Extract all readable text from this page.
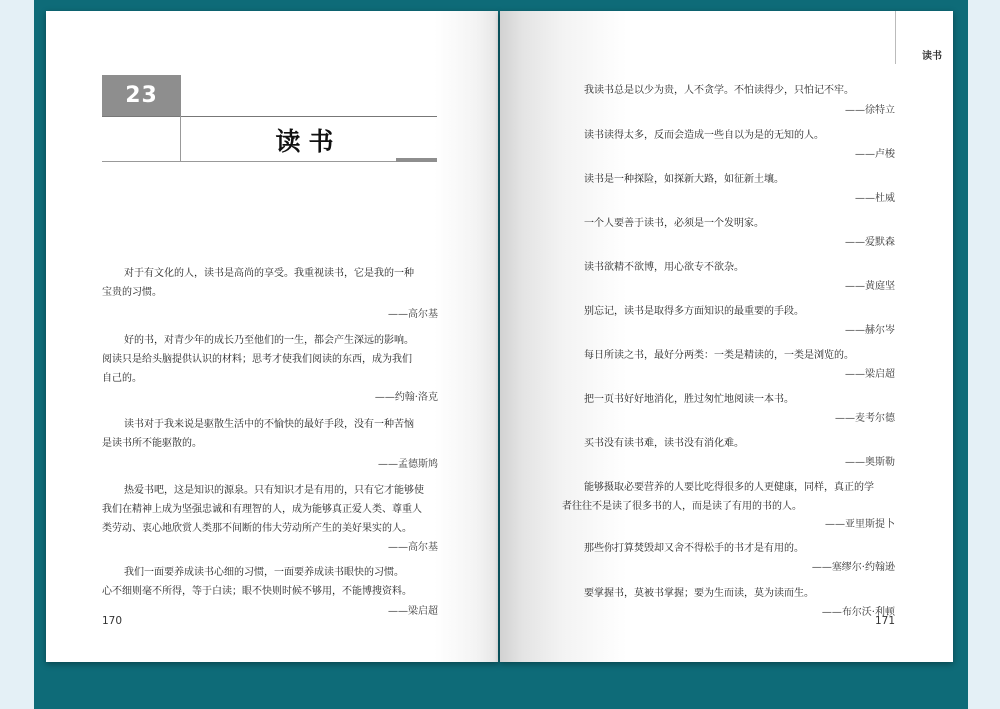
23
读书
对于有文化的人，读书是高尚的享受。我重视读书，它是我的一种
宝贵的习惯。
——高尔基
好的书，对青少年的成长乃至他们的一生，都会产生深远的影响。
阅读只是给头脑提供认识的材料；思考才使我们阅读的东西，成为我们
自己的。
——约翰·洛克
读书对于我来说是驱散生活中的不愉快的最好手段，没有一种苦恼
是读书所不能驱散的。
——孟德斯鸠
热爱书吧，这是知识的源泉。只有知识才是有用的，只有它才能够使
我们在精神上成为坚强忠诚和有理智的人，成为能够真正爱人类、尊重人
类劳动、衷心地欣赏人类那不间断的伟大劳动所产生的美好果实的人。
——高尔基
我们一面要养成读书心细的习惯，一面要养成读书眼快的习惯。
心不细则毫不所得，等于白读；眼不快则时候不够用，不能博搜资料。
——梁启超
170
读书
我读书总是以少为贵，人不贪学。不怕读得少，只怕记不牢。
——徐特立
读书读得太多，反而会造成一些自以为是的无知的人。
——卢梭
读书是一种探险，如探新大路，如征新土壤。
——杜威
一个人要善于读书，必须是一个发明家。
——爱默森
读书欲精不欲博，用心欲专不欲杂。
——黄庭坚
别忘记，读书是取得多方面知识的最重要的手段。
——赫尔岑
每日所读之书，最好分两类：一类是精读的，一类是浏览的。
——梁启超
把一页书好好地消化，胜过匆忙地阅读一本书。
——麦考尔德
买书没有读书难，读书没有消化难。
——奥斯勒
能够摄取必要营养的人要比吃得很多的人更健康，同样，真正的学
者往往不是读了很多书的人，而是读了有用的书的人。
——亚里斯提卜
那些你打算焚毁却又舍不得松手的书才是有用的。
——塞缪尔·约翰逊
要掌握书，莫被书掌握；要为生而读，莫为读而生。
——布尔沃·利顿
171
